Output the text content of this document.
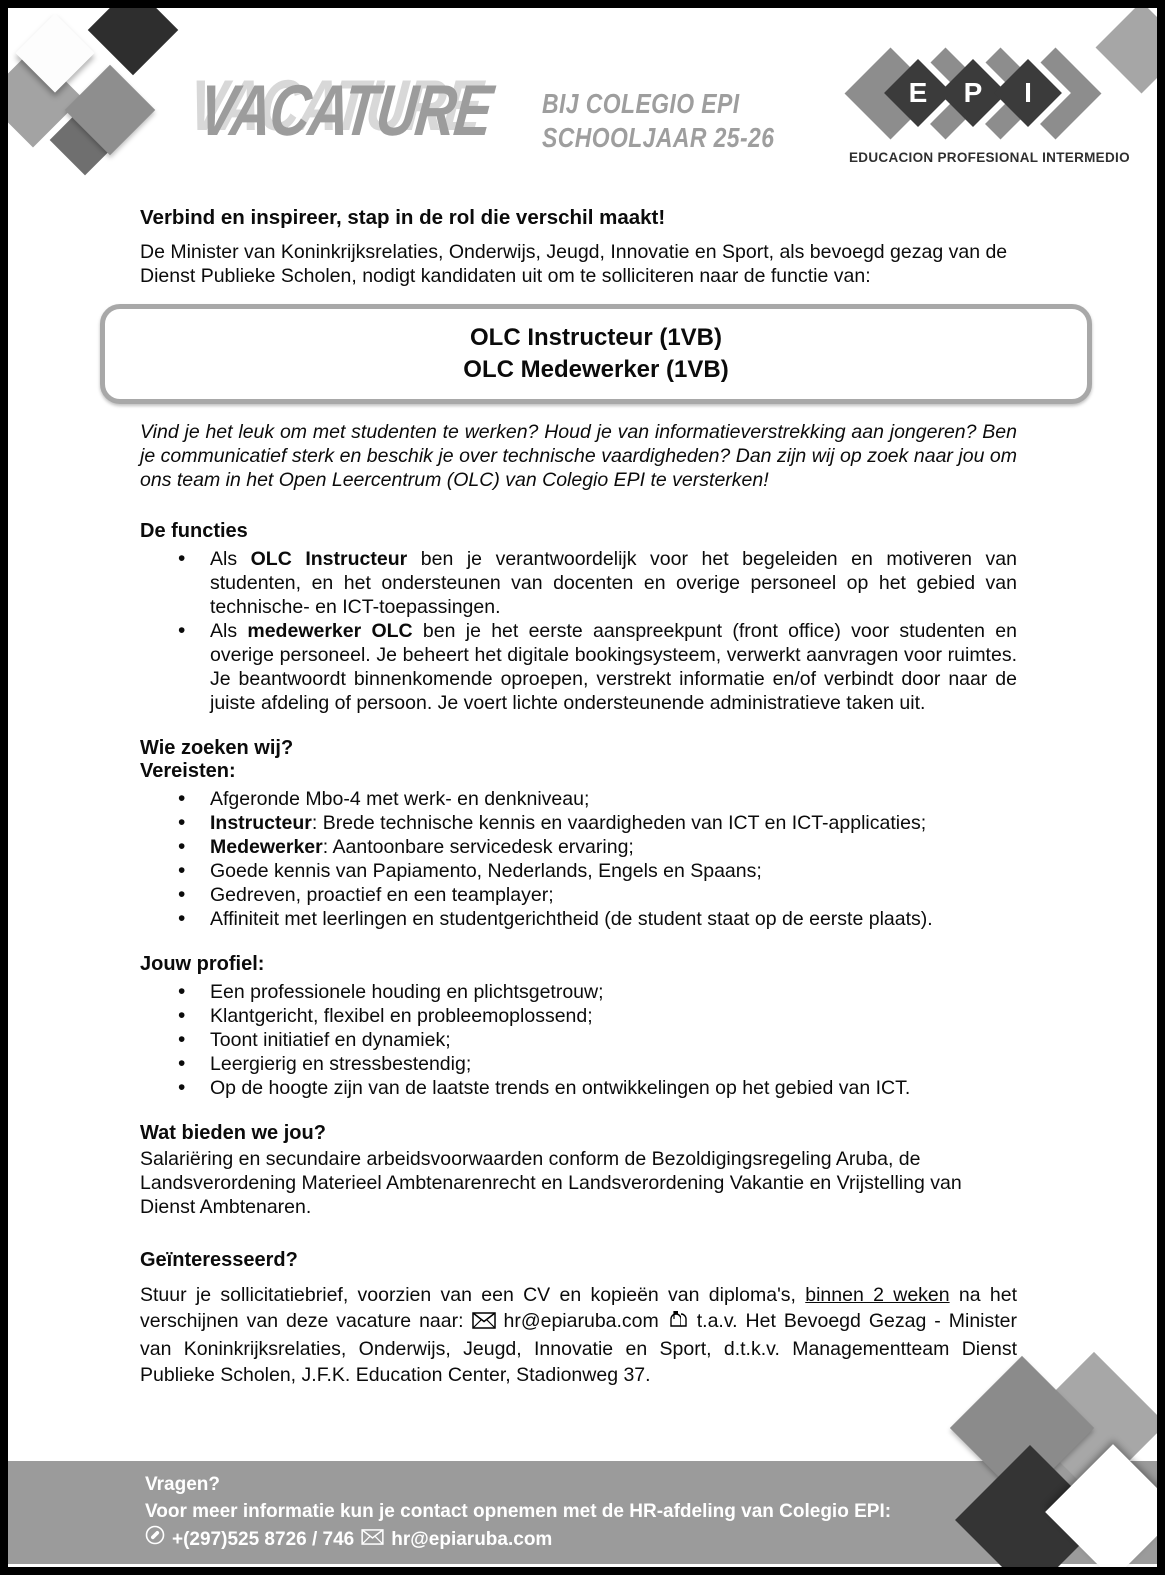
VACATURE BIJ COLEGIO EPI
SCHOOLJAAR 25-26
E P	I
EDUCACION PROFESIONAL INTERMEDIO

Verbind en inspireer, stap in de rol die verschil maakt!

De Minister van Koninkrijksrelaties, Onderwijs, Jeugd, Innovatie en Sport, als bevoegd gezag van de Dienst Publieke Scholen, nodigt kandidaten uit om te solliciteren naar de functie van:

OLC Instructeur (1VB)
OLC Medewerker (1VB)

Vind je het leuk om met studenten te werken? Houd je van informatieverstrekking aan jongeren? Ben je communicatief sterk en beschik je over technische vaardigheden? Dan zijn wij op zoek naar jou om ons team in het Open Leercentrum (OLC) van Colegio EPI te versterken!

De functies

• Als OLC Instructeur ben je verantwoordelijk voor het begeleiden en motiveren van studenten, en het ondersteunen van docenten en overige personeel op het gebied van technische- en ICT-toepassingen.
• Als medewerker OLC ben je het eerste aanspreekpunt (front office) voor studenten en overige personeel. Je beheert het digitale bookingsysteem, verwerkt aanvragen voor ruimtes. Je beantwoordt binnenkomende oproepen, verstrekt informatie en/of verbindt door naar de juiste afdeling of persoon. Je voert lichte ondersteunende administratieve taken uit.

Wie zoeken wij?

Vereisten:

• Afgeronde Mbo-4 met werk- en denkniveau;
• Instructeur: Brede technische kennis en vaardigheden van ICT en ICT-applicaties;
• Medewerker: Aantoonbare servicedesk ervaring;
• Goede kennis van Papiamento, Nederlands, Engels en Spaans;
• Gedreven, proactief en een teamplayer;
• Affiniteit met leerlingen en studentgerichtheid (de student staat op de eerste plaats).

Jouw profiel:

• Een professionele houding en plichtsgetrouw;
• Klantgericht, flexibel en probleemoplossend;
• Toont initiatief en dynamiek;
• Leergierig en stressbestendig;
• Op de hoogte zijn van de laatste trends en ontwikkelingen op het gebied van ICT.

Wat bieden we jou?

Salariëring en secundaire arbeidsvoorwaarden conform de Bezoldigingsregeling Aruba, de Landsverordening Materieel Ambtenarenrecht en Landsverordening Vakantie en Vrijstelling van Dienst Ambtenaren.

Geïnteresseerd?

Stuur je sollicitatiebrief, voorzien van een CV en kopieën van diploma's, binnen 2 weken na het verschijnen van deze vacature naar:  hr@epiaruba.com  t.a.v. Het Bevoegd Gezag - Minister van Koninkrijksrelaties, Onderwijs, Jeugd, Innovatie en Sport, d.t.k.v. Managementteam Dienst Publieke Scholen, J.F.K. Education Center, Stadionweg 37.

Vragen?
Voor meer informatie kun je contact opnemen met de HR-afdeling van Colegio EPI:
+(297)525 8726 / 746 hr@epiaruba.com
